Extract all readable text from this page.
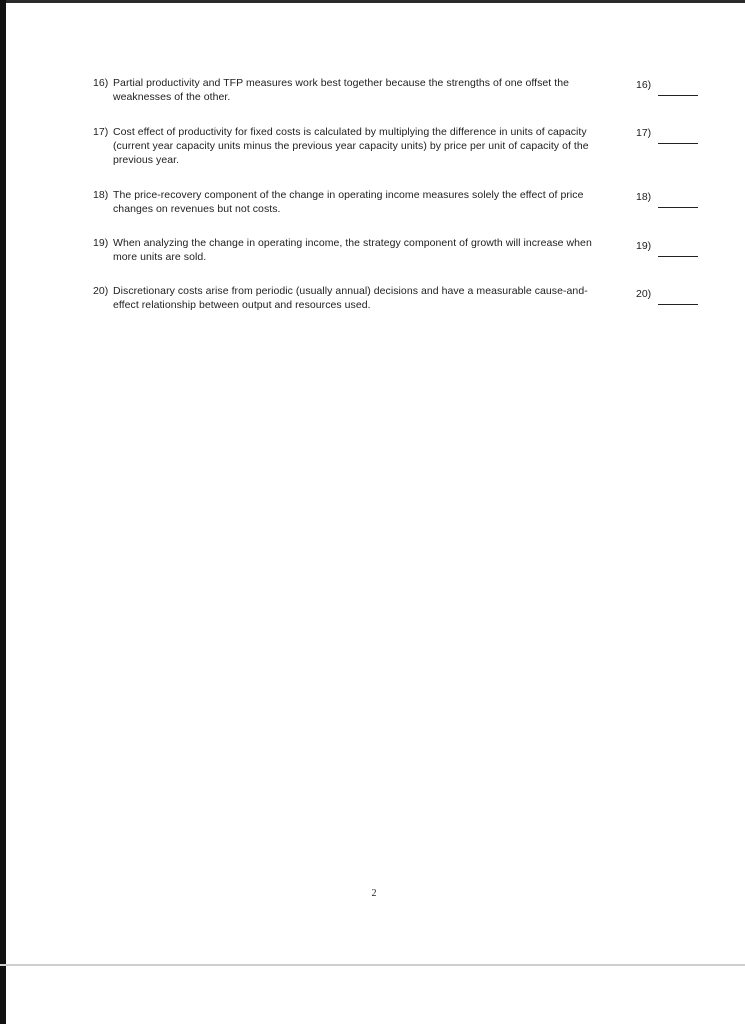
16) Partial productivity and TFP measures work best together because the strengths of one offset the weaknesses of the other.
16)
17) Cost effect of productivity for fixed costs is calculated by multiplying the difference in units of capacity (current year capacity units minus the previous year capacity units) by price per unit of capacity of the previous year.
17)
18) The price-recovery component of the change in operating income measures solely the effect of price changes on revenues but not costs.
18)
19) When analyzing the change in operating income, the strategy component of growth will increase when more units are sold.
19)
20) Discretionary costs arise from periodic (usually annual) decisions and have a measurable cause-and-effect relationship between output and resources used.
20)
2
